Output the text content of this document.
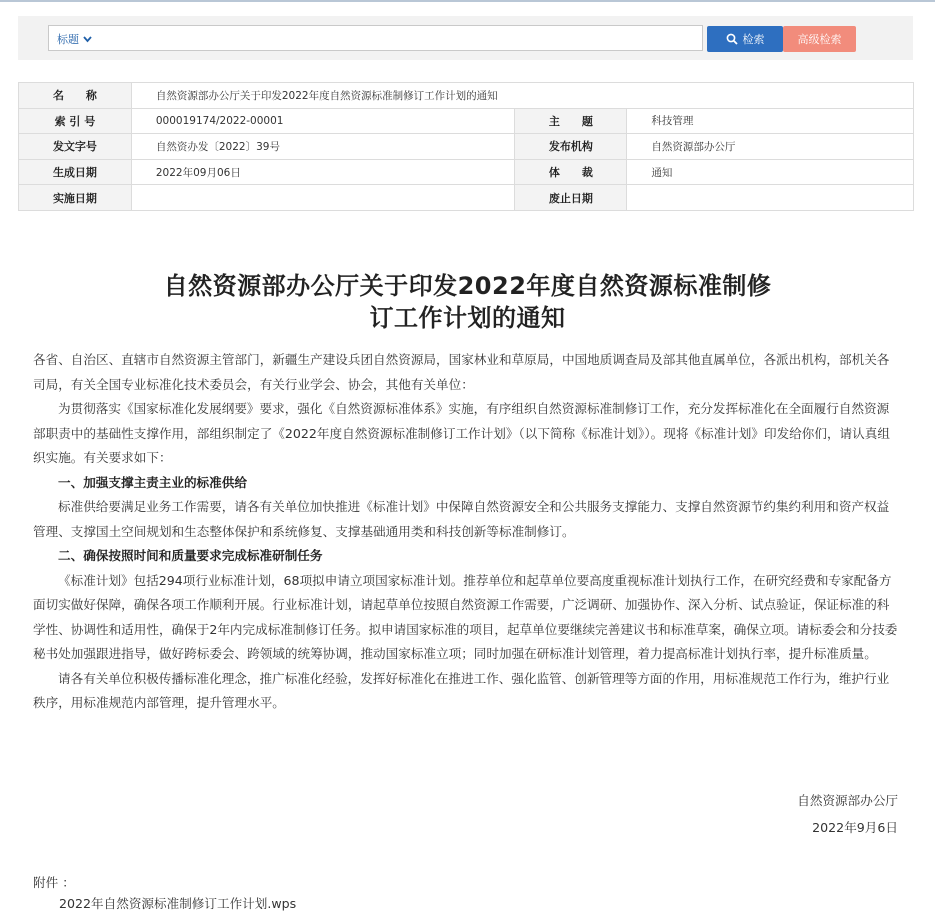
标题	检索	高级检索
名　　称	自然资源部办公厅关于印发2022年度自然资源标准制修订工作计划的通知		
索 引 号	000019174/2022-00001	主　　题	科技管理
发文字号	自然资办发〔2022〕39号	发布机构	自然资源部办公厅
生成日期	2022年09月06日	体　　裁	通知
实施日期		废止日期	
自然资源部办公厅关于印发2022年度自然资源标准制修
订工作计划的通知

各省、自治区、直辖市自然资源主管部门，新疆生产建设兵团自然资源局，国家林业和草原局，中国地质调查局及部其他直属单位，各派出机构，部机关各司局，有关全国专业标准化技术委员会，有关行业学会、协会，其他有关单位：

为贯彻落实《国家标准化发展纲要》要求，强化《自然资源标准体系》实施，有序组织自然资源标准制修订工作，充分发挥标准化在全面履行自然资源部职责中的基础性支撑作用，部组织制定了《2022年度自然资源标准制修订工作计划》（以下简称《标准计划》）。现将《标准计划》印发给你们，请认真组织实施。有关要求如下：

一、加强支撑主责主业的标准供给

标准供给要满足业务工作需要，请各有关单位加快推进《标准计划》中保障自然资源安全和公共服务支撑能力、支撑自然资源节约集约利用和资产权益管理、支撑国土空间规划和生态整体保护和系统修复、支撑基础通用类和科技创新等标准制修订。

二、确保按照时间和质量要求完成标准研制任务

《标准计划》包括294项行业标准计划，68项拟申请立项国家标准计划。推荐单位和起草单位要高度重视标准计划执行工作，在研究经费和专家配备方面切实做好保障，确保各项工作顺利开展。行业标准计划，请起草单位按照自然资源工作需要，广泛调研、加强协作、深入分析、试点验证，保证标准的科学性、协调性和适用性，确保于2年内完成标准制修订任务。拟申请国家标准的项目，起草单位要继续完善建议书和标准草案，确保立项。请标委会和分技委秘书处加强跟进指导，做好跨标委会、跨领域的统筹协调，推动国家标准立项；同时加强在研标准计划管理，着力提高标准计划执行率，提升标准质量。

请各有关单位积极传播标准化理念，推广标准化经验，发挥好标准化在推进工作、强化监管、创新管理等方面的作用，用标准规范工作行为，维护行业秩序，用标准规范内部管理，提升管理水平。

自然资源部办公厅
2022年9月6日
附件 ：
2022年自然资源标准制修订工作计划.wps
